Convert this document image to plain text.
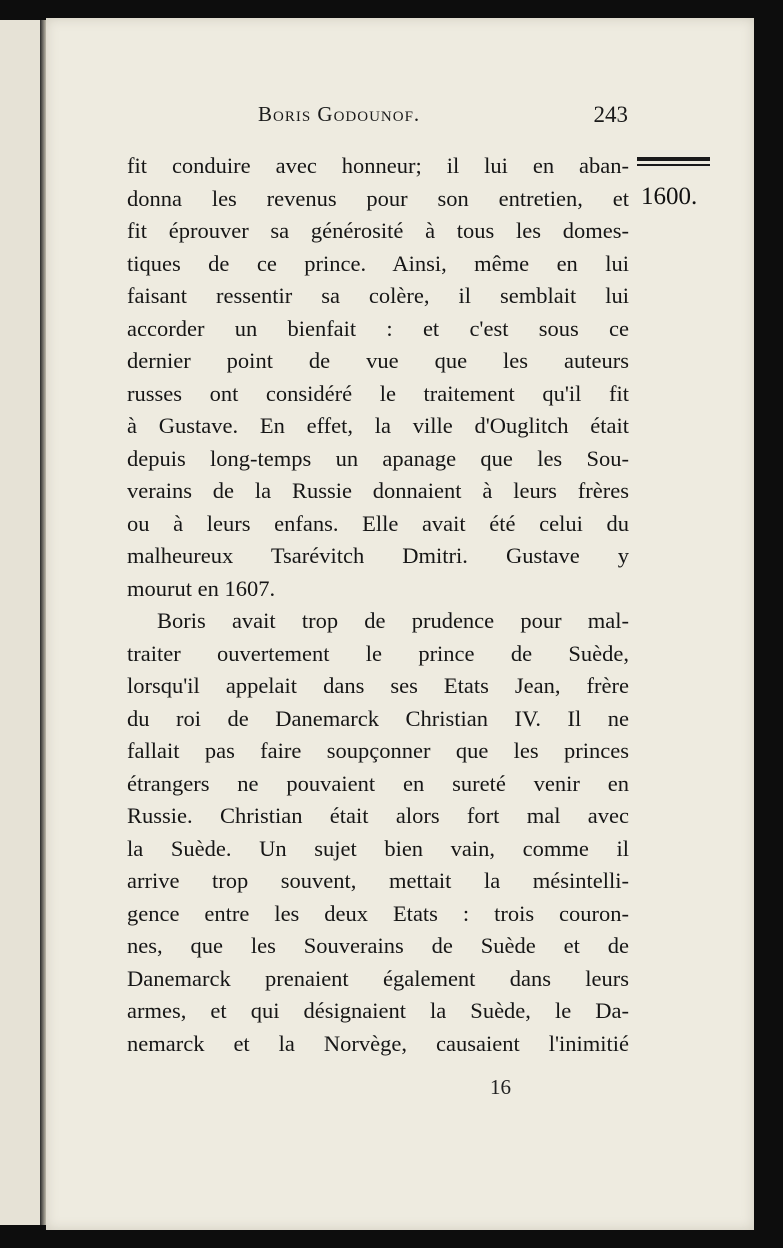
Boris Godounof.	243
1600.
fit conduire avec honneur; il lui en aban-
donna les revenus pour son entretien, et
fit éprouver sa générosité à tous les domes-
tiques de ce prince. Ainsi, même en lui
faisant ressentir sa colère, il semblait lui
accorder un bienfait : et c'est sous ce
dernier point de vue que les auteurs
russes ont considéré le traitement qu'il fit
à Gustave. En effet, la ville d'Ouglitch était
depuis long-temps un apanage que les Sou-
verains de la Russie donnaient à leurs frères
ou à leurs enfans. Elle avait été celui du
malheureux Tsarévitch Dmitri. Gustave y
mourut en 1607.
Boris avait trop de prudence pour mal-
traiter ouvertement le prince de Suède,
lorsqu'il appelait dans ses Etats Jean, frère
du roi de Danemarck Christian IV. Il ne
fallait pas faire soupçonner que les princes
étrangers ne pouvaient en sureté venir en
Russie. Christian était alors fort mal avec
la Suède. Un sujet bien vain, comme il
arrive trop souvent, mettait la mésintelli-
gence entre les deux Etats : trois couron-
nes, que les Souverains de Suède et de
Danemarck prenaient également dans leurs
armes, et qui désignaient la Suède, le Da-
nemarck et la Norvège, causaient l'inimitié
16
